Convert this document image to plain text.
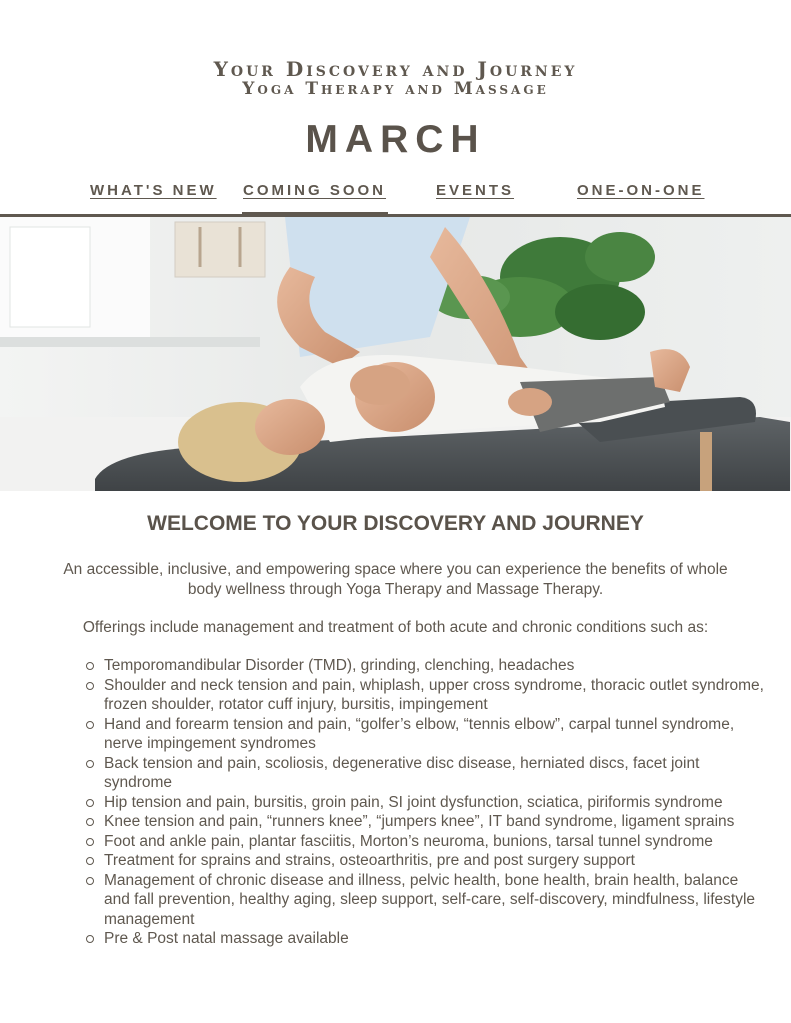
Your Discovery and Journey
Yoga Therapy and Massage
MARCH
WHAT'S NEW COMING SOON	EVENTS	ONE-ON-ONE
WELCOME TO YOUR DISCOVERY AND JOURNEY
An accessible, inclusive, and empowering space where you can experience the benefits of whole body wellness through Yoga Therapy and Massage Therapy.
Offerings include management and treatment of both acute and chronic conditions such as:
Temporomandibular Disorder (TMD), grinding, clenching, headaches
Shoulder and neck tension and pain, whiplash, upper cross syndrome, thoracic outlet syndrome, frozen shoulder, rotator cuff injury, bursitis, impingement
Hand and forearm tension and pain, “golfer’s elbow, “tennis elbow”, carpal tunnel syndrome, nerve impingement syndromes
Back tension and pain, scoliosis, degenerative disc disease, herniated discs, facet joint syndrome
Hip tension and pain, bursitis, groin pain, SI joint dysfunction, sciatica, piriformis syndrome
Knee tension and pain, “runners knee”, “jumpers knee”, IT band syndrome, ligament sprains
Foot and ankle pain, plantar fasciitis, Morton’s neuroma, bunions, tarsal tunnel syndrome
Treatment for sprains and strains, osteoarthritis, pre and post surgery support
Management of chronic disease and illness, pelvic health, bone health, brain health, balance and fall prevention, healthy aging, sleep support, self-care, self-discovery, mindfulness, lifestyle management
Pre & Post natal massage available
